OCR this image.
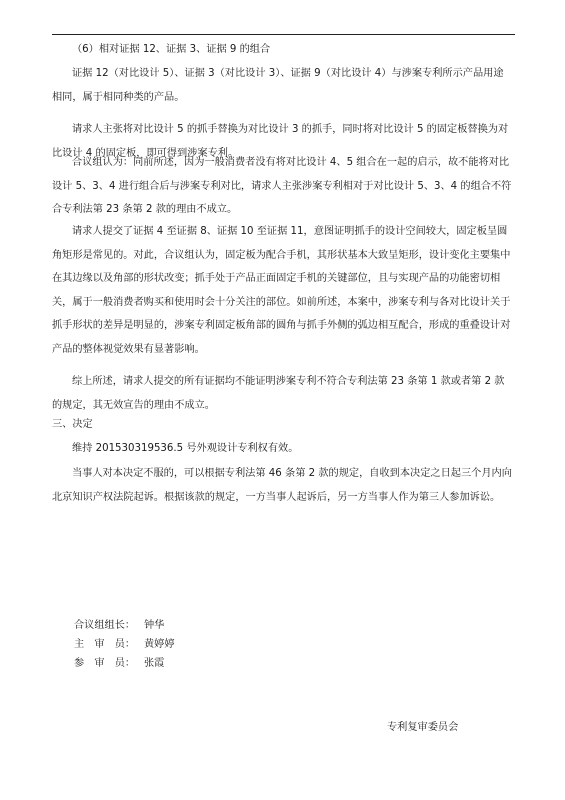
（6）相对证据 12、证据 3、证据 9 的组合

证据 12（对比设计 5）、证据 3（对比设计 3）、证据 9（对比设计 4）与涉案专利所示产品用途相同，属于相同种类的产品。

请求人主张将对比设计 5 的抓手替换为对比设计 3 的抓手，同时将对比设计 5 的固定板替换为对比设计 4 的固定板，即可得到涉案专利。

合议组认为：同前所述，因为一般消费者没有将对比设计 4、5 组合在一起的启示，故不能将对比设计 5、3、4 进行组合后与涉案专利对比，请求人主张涉案专利相对于对比设计 5、3、4 的组合不符合专利法第 23 条第 2 款的理由不成立。

请求人提交了证据 4 至证据 8、证据 10 至证据 11，意图证明抓手的设计空间较大，固定板呈圆角矩形是常见的。对此，合议组认为，固定板为配合手机，其形状基本大致呈矩形，设计变化主要集中在其边缘以及角部的形状改变；抓手处于产品正面固定手机的关键部位，且与实现产品的功能密切相关，属于一般消费者购买和使用时会十分关注的部位。如前所述，本案中，涉案专利与各对比设计关于抓手形状的差异是明显的，涉案专利固定板角部的圆角与抓手外侧的弧边相互配合，形成的重叠设计对产品的整体视觉效果有显著影响。

综上所述，请求人提交的所有证据均不能证明涉案专利不符合专利法第 23 条第 1 款或者第 2 款的规定，其无效宣告的理由不成立。

三、决定

维持 201530319536.5 号外观设计专利权有效。

当事人对本决定不服的，可以根据专利法第 46 条第 2 款的规定，自收到本决定之日起三个月内向北京知识产权法院起诉。根据该款的规定，一方当事人起诉后，另一方当事人作为第三人参加诉讼。

合议组组长： 钟华
主　审　员： 黄婷婷
参　审　员： 张霞
专利复审委员会
